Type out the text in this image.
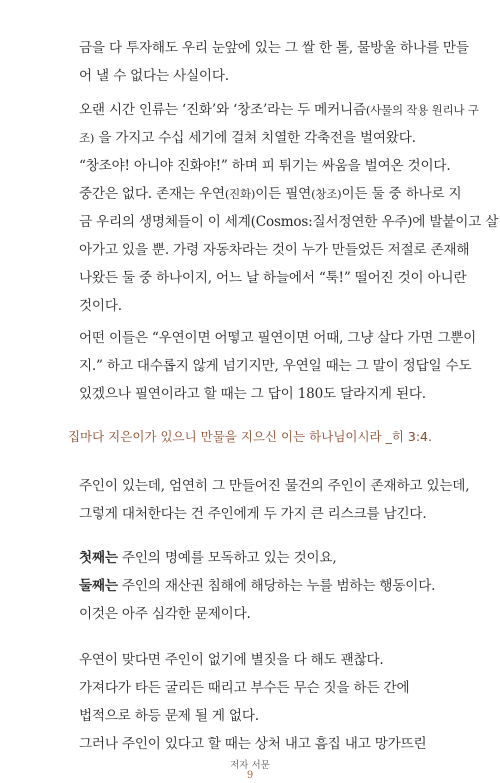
금을 다 투자해도 우리 눈앞에 있는 그 쌀 한 톨, 물방울 하나를 만들
어 낼 수 없다는 사실이다.
오랜 시간 인류는 ‘진화’와 ‘창조’라는 두 메커니즘(사물의 작용 원리나 구
조) 을 가지고 수십 세기에 걸쳐 치열한 각축전을 벌여왔다.
“창조야! 아니야 진화야!” 하며 피 튀기는 싸움을 벌여온 것이다.
중간은 없다. 존재는 우연(진화)이든 필연(창조)이든 둘 중 하나로 지
금 우리의 생명체들이 이 세계(Cosmos:질서정연한 우주)에 발붙이고 살
아가고 있을 뿐. 가령 자동차라는 것이 누가 만들었든 저절로 존재해
나왔든 둘 중 하나이지, 어느 날 하늘에서 “툭!” 떨어진 것이 아니란
것이다.
어떤 이들은 “우연이면 어떻고 필연이면 어때, 그냥 살다 가면 그뿐이
지.” 하고 대수롭지 않게 넘기지만, 우연일 때는 그 말이 정답일 수도
있겠으나 필연이라고 할 때는 그 답이 180도 달라지게 된다.
집마다 지은이가 있으니 만물을 지으신 이는 하나님이시라 _히 3:4.
주인이 있는데, 엄연히 그 만들어진 물건의 주인이 존재하고 있는데,
그렇게 대처한다는 건 주인에게 두 가지 큰 리스크를 남긴다.
첫째는 주인의 명예를 모독하고 있는 것이요,
둘째는 주인의 재산권 침해에 해당하는 누를 범하는 행동이다.
이것은 아주 심각한 문제이다.
우연이 맞다면 주인이 없기에 별짓을 다 해도 괜찮다.
가져다가 타든 굴리든 때리고 부수든 무슨 짓을 하든 간에
법적으로 하등 문제 될 게 없다.
그러나 주인이 있다고 할 때는 상처 내고 흠집 내고 망가뜨린
저자 서문
9
